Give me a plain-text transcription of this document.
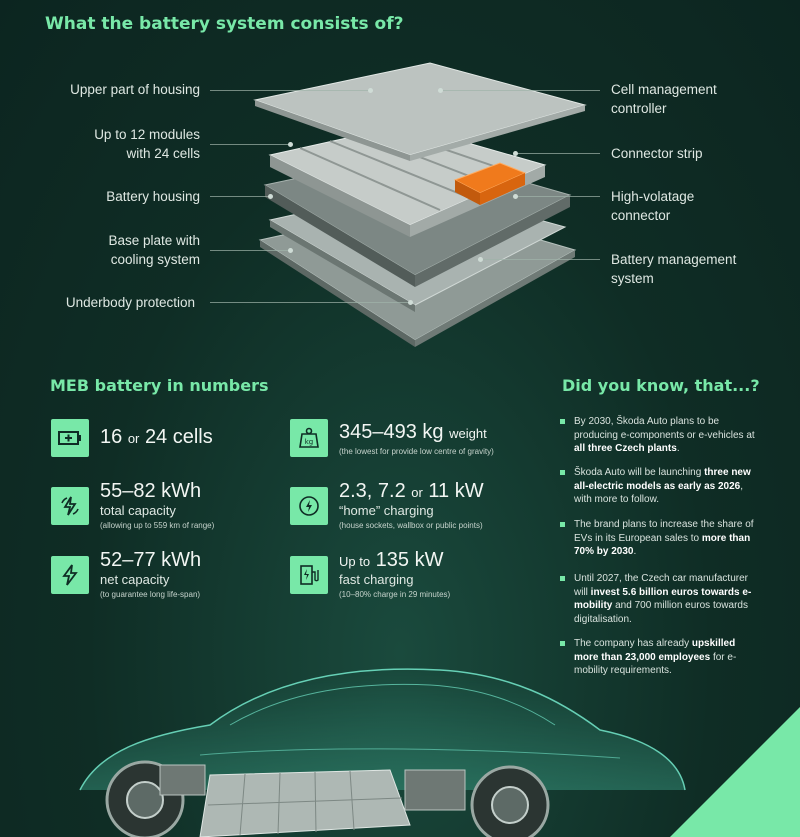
What the battery system consists of?
Upper part of housing
Up to 12 modules
with 24 cells
Battery housing
Base plate with
cooling system
Underbody protection
Cell management
controller
Connector strip
High-volatage
connector
Battery management
system
MEB battery in numbers
16 or 24 cells
55–82 kWh
total capacity
(allowing up to 559 km of range)
52–77 kWh
net capacity
(to guarantee long life-span)
kg 345–493 kg weight
(the lowest for provide low centre of gravity)
2.3, 7.2 or 11 kW
“home” charging
(house sockets, wallbox or public points)
Up to 135 kW
fast charging
(10–80% charge in 29 minutes)
Did you know, that...?
By 2030, Škoda Auto plans to be producing e-components or e-vehicles at all three Czech plants.
Škoda Auto will be launching three new all-electric models as early as 2026, with more to follow.
The brand plans to increase the share of EVs in its European sales to more than 70% by 2030.
Until 2027, the Czech car manufacturer will invest 5.6 billion euros towards e-mobility and 700 million euros towards digitalisation.
The company has already upskilled more than 23,000 employees for e-mobility requirements.
